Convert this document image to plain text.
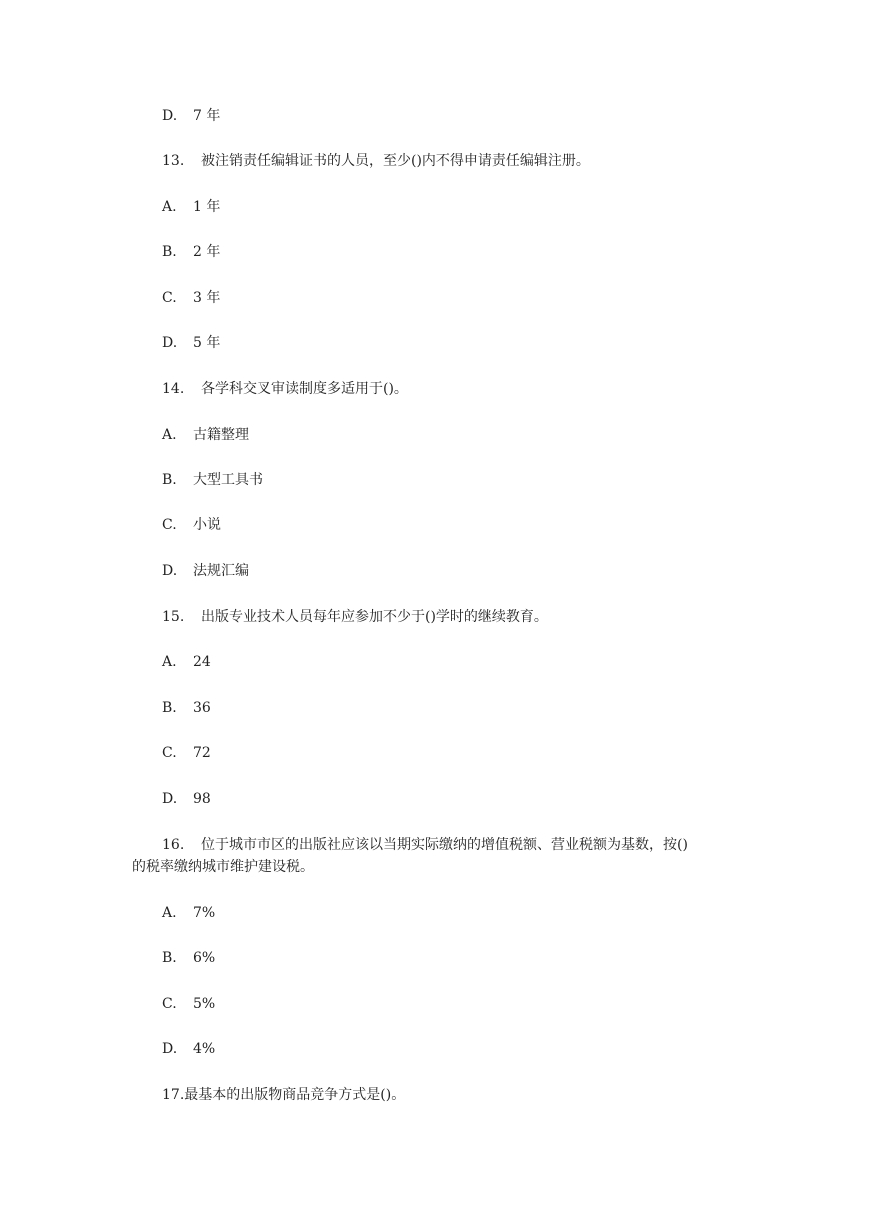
D. 7 年
13. 被注销责任编辑证书的人员，至少()内不得申请责任编辑注册。
A. 1 年
B. 2 年
C. 3 年
D. 5 年
14. 各学科交叉审读制度多适用于()。
A. 古籍整理
B. 大型工具书
C. 小说
D. 法规汇编
15. 出版专业技术人员每年应参加不少于()学时的继续教育。
A. 24
B. 36
C. 72
D. 98
16. 位于城市市区的出版社应该以当期实际缴纳的增值税额、营业税额为基数，按()
的税率缴纳城市维护建设税。
A. 7%
B. 6%
C. 5%
D. 4%
17.最基本的出版物商品竞争方式是()。
